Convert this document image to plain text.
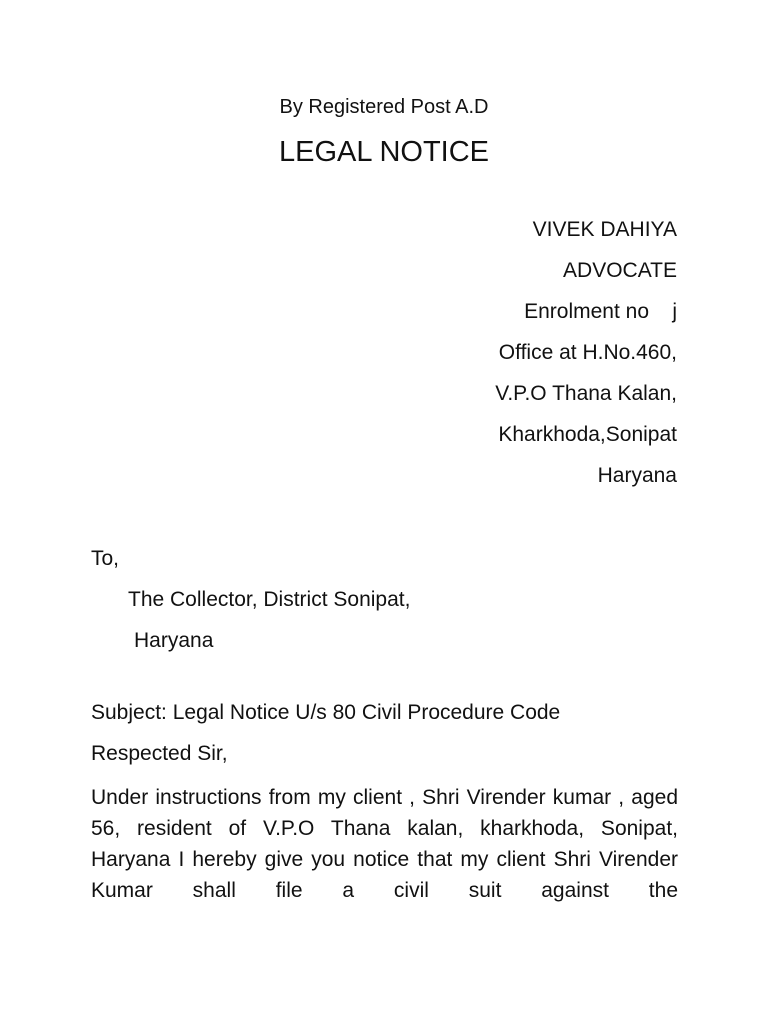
By Registered Post A.D
LEGAL NOTICE
VIVEK DAHIYA
ADVOCATE
Enrolment no    j
Office at H.No.460,
V.P.O Thana Kalan,
Kharkhoda,Sonipat
Haryana
To,
The Collector, District Sonipat,
Haryana
Subject: Legal Notice U/s 80 Civil Procedure Code
Respected Sir,
Under instructions from my client , Shri Virender kumar , aged 56, resident of V.P.O Thana kalan, kharkhoda, Sonipat, Haryana I hereby give you notice that my client Shri Virender Kumar shall file a civil suit against the
